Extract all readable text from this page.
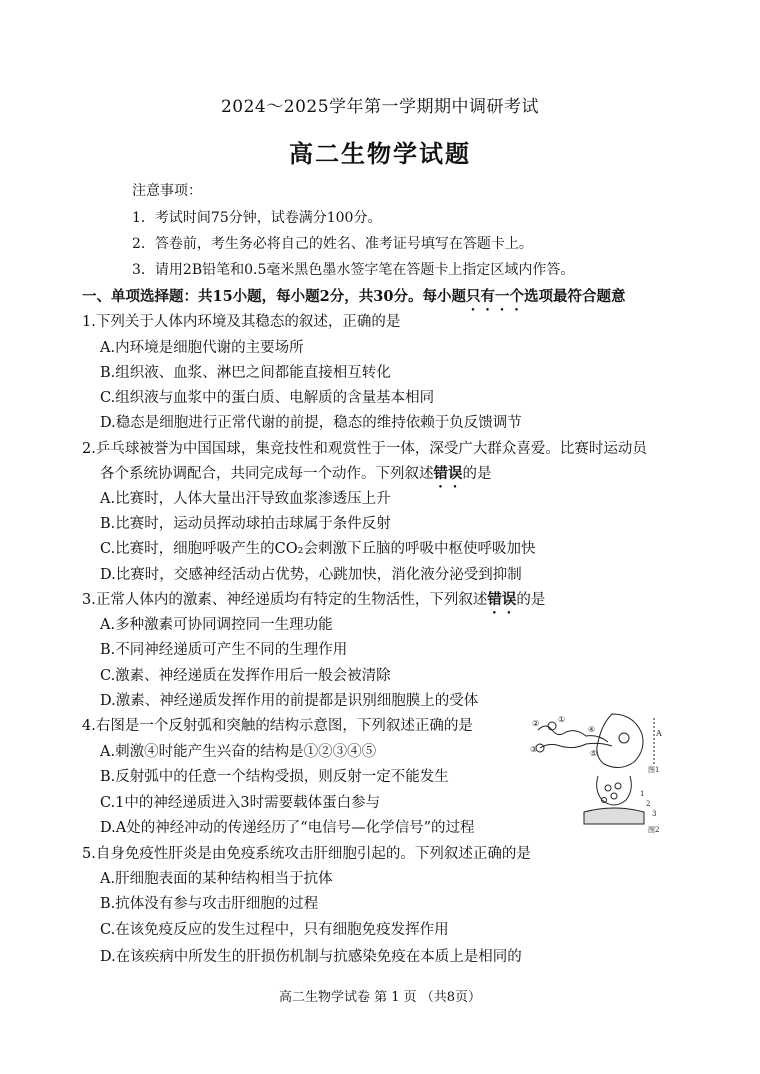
2024～2025学年第一学期期中调研考试
高二生物学试题
注意事项：
1．考试时间75分钟，试卷满分100分。
2．答卷前，考生务必将自己的姓名、准考证号填写在答题卡上。
3．请用2B铅笔和0.5毫米黑色墨水签字笔在答题卡上指定区域内作答。
一、单项选择题：共15小题，每小题2分，共30分。每小题只有一个选项最符合题意
1.下列关于人体内环境及其稳态的叙述，正确的是
A.内环境是细胞代谢的主要场所
B.组织液、血浆、淋巴之间都能直接相互转化
C.组织液与血浆中的蛋白质、电解质的含量基本相同
D.稳态是细胞进行正常代谢的前提，稳态的维持依赖于负反馈调节
2.乒乓球被誉为中国国球，集竞技性和观赏性于一体，深受广大群众喜爱。比赛时运动员
各个系统协调配合，共同完成每一个动作。下列叙述错误的是
A.比赛时，人体大量出汗导致血浆渗透压上升
B.比赛时，运动员挥动球拍击球属于条件反射
C.比赛时，细胞呼吸产生的CO₂会刺激下丘脑的呼吸中枢使呼吸加快
D.比赛时，交感神经活动占优势，心跳加快，消化液分泌受到抑制
3.正常人体内的激素、神经递质均有特定的生物活性，下列叙述错误的是
A.多种激素可协同调控同一生理功能
B.不同神经递质可产生不同的生理作用
C.激素、神经递质在发挥作用后一般会被清除
D.激素、神经递质发挥作用的前提都是识别细胞膜上的受体
4.右图是一个反射弧和突触的结构示意图，下列叙述正确的是
A.刺激④时能产生兴奋的结构是①②③④⑤
B.反射弧中的任意一个结构受损，则反射一定不能发生
C.1中的神经递质进入3时需要载体蛋白参与
D.A处的神经冲动的传递经历了“电信号—化学信号”的过程
①
②
③
④
⑤
A
图1
1
2
3
图2
5.自身免疫性肝炎是由免疫系统攻击肝细胞引起的。下列叙述正确的是
A.肝细胞表面的某种结构相当于抗体
B.抗体没有参与攻击肝细胞的过程
C.在该免疫反应的发生过程中，只有细胞免疫发挥作用
D.在该疾病中所发生的肝损伤机制与抗感染免疫在本质上是相同的
高二生物学试卷 第 1 页 （共8页）
